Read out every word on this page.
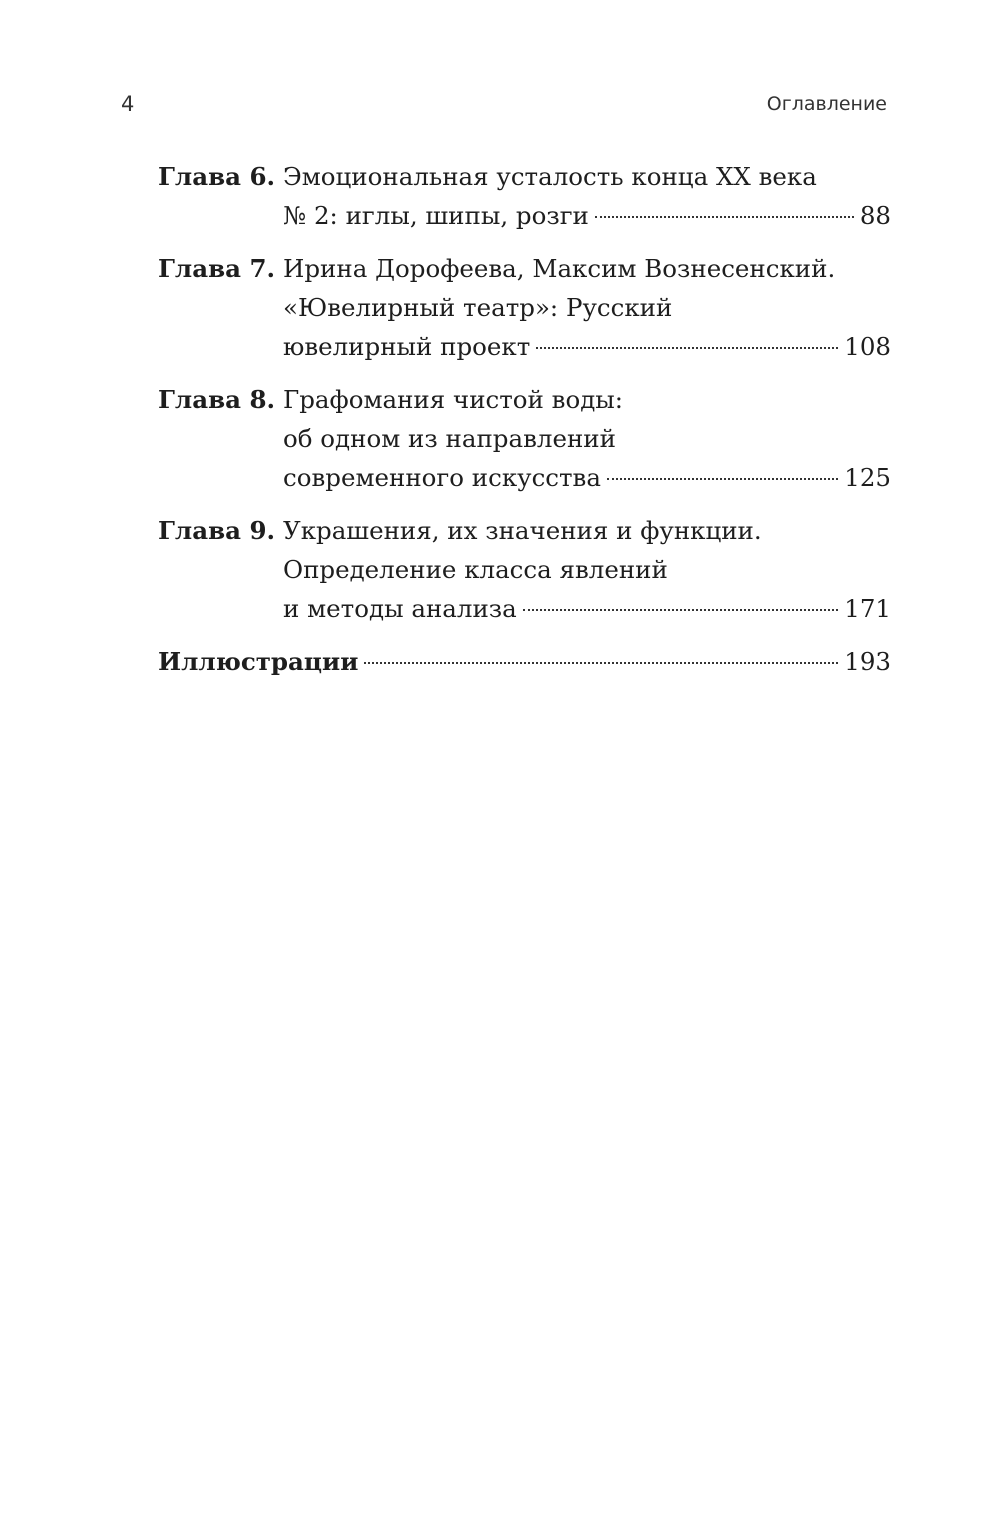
4	Оглавление
Глава 6. Эмоциональная усталость конца XX века
№ 2: иглы, шипы, розги	88
Глава 7. Ирина Дорофеева, Максим Вознесенский.
«Ювелирный театр»: Русский
ювелирный проект	108
Глава 8. Графомания чистой воды:
об одном из направлений
современного искусства	125
Глава 9. Украшения, их значения и функции.
Определение класса явлений
и методы анализа	171
Иллюстрации	193
